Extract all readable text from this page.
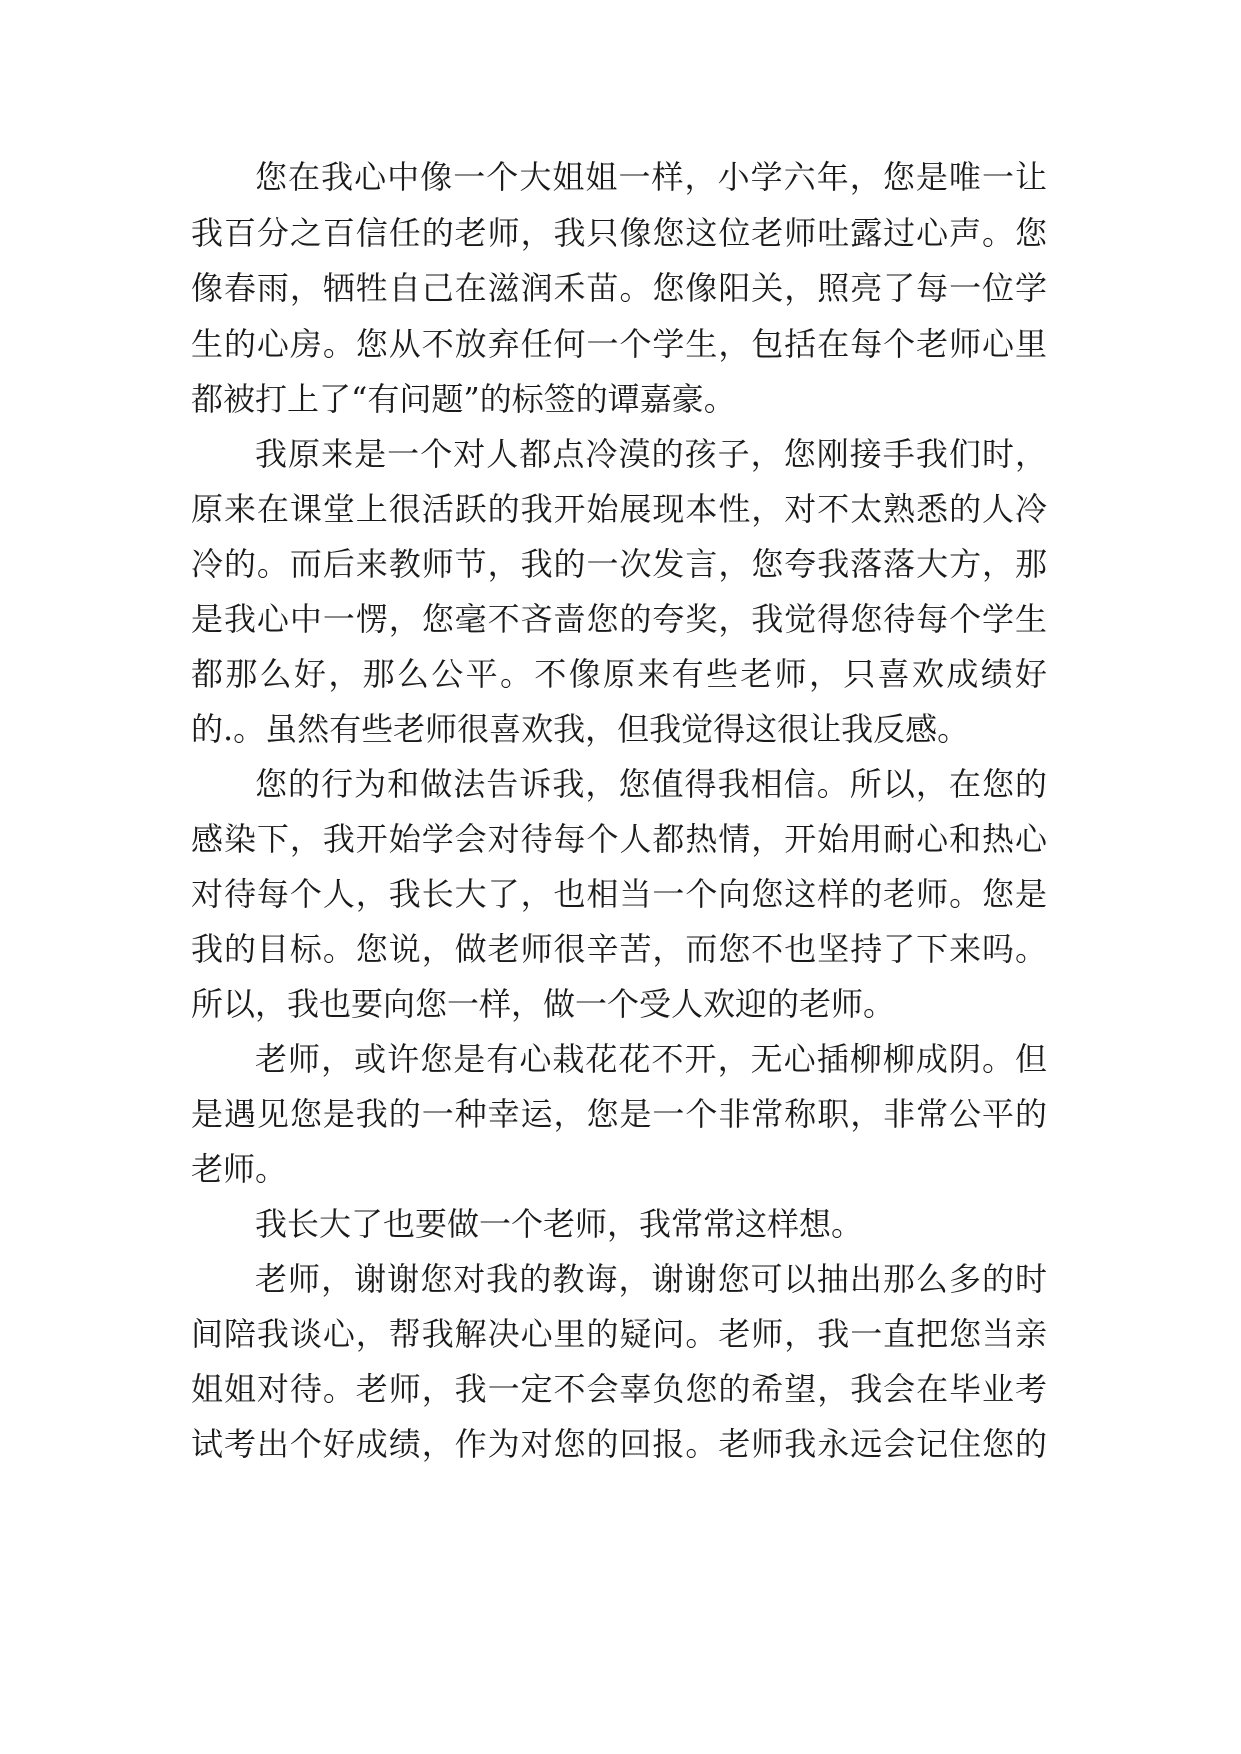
您在我心中像一个大姐姐一样，小学六年，您是唯一让
我百分之百信任的老师，我只像您这位老师吐露过心声。您
像春雨，牺牲自己在滋润禾苗。您像阳关，照亮了每一位学
生的心房。您从不放弃任何一个学生，包括在每个老师心里
都被打上了“有问题”的标签的谭嘉豪。
我原来是一个对人都点冷漠的孩子，您刚接手我们时，
原来在课堂上很活跃的我开始展现本性，对不太熟悉的人冷
冷的。而后来教师节，我的一次发言，您夸我落落大方，那
是我心中一愣，您毫不吝啬您的夸奖，我觉得您待每个学生
都那么好，那么公平。不像原来有些老师，只喜欢成绩好
的.。虽然有些老师很喜欢我，但我觉得这很让我反感。
您的行为和做法告诉我，您值得我相信。所以，在您的
感染下，我开始学会对待每个人都热情，开始用耐心和热心
对待每个人，我长大了，也相当一个向您这样的老师。您是
我的目标。您说，做老师很辛苦，而您不也坚持了下来吗。
所以，我也要向您一样，做一个受人欢迎的老师。
老师，或许您是有心栽花花不开，无心插柳柳成阴。但
是遇见您是我的一种幸运，您是一个非常称职，非常公平的
老师。
我长大了也要做一个老师，我常常这样想。
老师，谢谢您对我的教诲，谢谢您可以抽出那么多的时
间陪我谈心，帮我解决心里的疑问。老师，我一直把您当亲
姐姐对待。老师，我一定不会辜负您的希望，我会在毕业考
试考出个好成绩，作为对您的回报。老师我永远会记住您的
